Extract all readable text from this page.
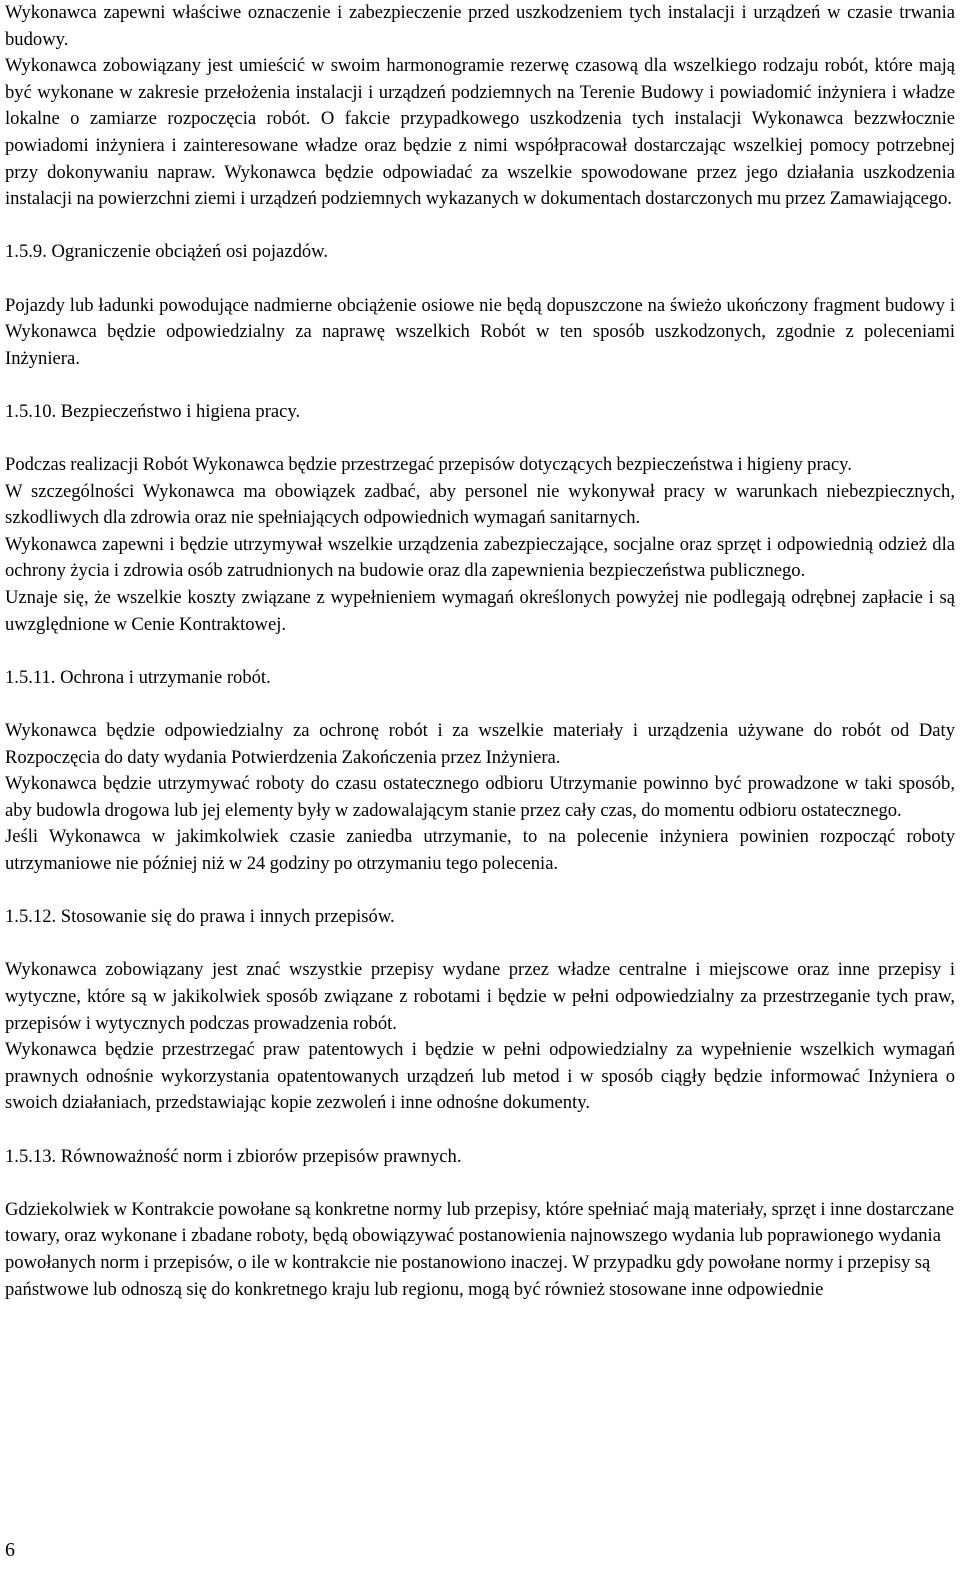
Wykonawca zapewni właściwe oznaczenie i zabezpieczenie przed uszkodzeniem tych instalacji i urządzeń w czasie trwania budowy.

Wykonawca zobowiązany jest umieścić w swoim harmonogramie rezerwę czasową dla wszelkiego rodzaju robót, które mają być wykonane w zakresie przełożenia instalacji i urządzeń podziemnych na Terenie Budowy i powiadomić inżyniera i władze lokalne o zamiarze rozpoczęcia robót. O fakcie przypadkowego uszkodzenia tych instalacji Wykonawca bezzwłocznie powiadomi inżyniera i zainteresowane władze oraz będzie z nimi współpracował dostarczając wszelkiej pomocy potrzebnej przy dokonywaniu napraw. Wykonawca będzie odpowiadać za wszelkie spowodowane przez jego działania uszkodzenia instalacji na powierzchni ziemi i urządzeń podziemnych wykazanych w dokumentach dostarczonych mu przez Zamawiającego.

1.5.9. Ograniczenie obciążeń osi pojazdów.

Pojazdy lub ładunki powodujące nadmierne obciążenie osiowe nie będą dopuszczone na świeżo ukończony fragment budowy i Wykonawca będzie odpowiedzialny za naprawę wszelkich Robót w ten sposób uszkodzonych, zgodnie z poleceniami Inżyniera.

1.5.10. Bezpieczeństwo i higiena pracy.

Podczas realizacji Robót Wykonawca będzie przestrzegać przepisów dotyczących bezpieczeństwa i higieny pracy.

W szczególności Wykonawca ma obowiązek zadbać, aby personel nie wykonywał pracy w warunkach niebezpiecznych, szkodliwych dla zdrowia oraz nie spełniających odpowiednich wymagań sanitarnych.

Wykonawca zapewni i będzie utrzymywał wszelkie urządzenia zabezpieczające, socjalne oraz sprzęt i odpowiednią odzież dla ochrony życia i zdrowia osób zatrudnionych na budowie oraz dla zapewnienia bezpieczeństwa publicznego.

Uznaje się, że wszelkie koszty związane z wypełnieniem wymagań określonych powyżej nie podlegają odrębnej zapłacie i są uwzględnione w Cenie Kontraktowej.

1.5.11. Ochrona i utrzymanie robót.

Wykonawca będzie odpowiedzialny za ochronę robót i za wszelkie materiały i urządzenia używane do robót od Daty Rozpoczęcia do daty wydania Potwierdzenia Zakończenia przez Inżyniera.

Wykonawca będzie utrzymywać roboty do czasu ostatecznego odbioru Utrzymanie powinno być prowadzone w taki sposób, aby budowla drogowa lub jej elementy były w zadowalającym stanie przez cały czas, do momentu odbioru ostatecznego.

Jeśli Wykonawca w jakimkolwiek czasie zaniedba utrzymanie, to na polecenie inżyniera powinien rozpocząć roboty utrzymaniowe nie później niż w 24 godziny po otrzymaniu tego polecenia.

1.5.12. Stosowanie się do prawa i innych przepisów.

Wykonawca zobowiązany jest znać wszystkie przepisy wydane przez władze centralne i miejscowe oraz inne przepisy i wytyczne, które są w jakikolwiek sposób związane z robotami i będzie w pełni odpowiedzialny za przestrzeganie tych praw, przepisów i wytycznych podczas prowadzenia robót.

Wykonawca będzie przestrzegać praw patentowych i będzie w pełni odpowiedzialny za wypełnienie wszelkich wymagań prawnych odnośnie wykorzystania opatentowanych urządzeń lub metod i w sposób ciągły będzie informować Inżyniera o swoich działaniach, przedstawiając kopie zezwoleń i inne odnośne dokumenty.

1.5.13. Równoważność norm i zbiorów przepisów prawnych.

Gdziekolwiek w Kontrakcie powołane są konkretne normy lub przepisy, które spełniać mają materiały, sprzęt i inne dostarczane towary, oraz wykonane i zbadane roboty, będą obowiązywać postanowienia najnowszego wydania lub poprawionego wydania powołanych norm i przepisów, o ile w kontrakcie nie postanowiono inaczej. W przypadku gdy powołane normy i przepisy są państwowe lub odnoszą się do konkretnego kraju lub regionu, mogą być również stosowane inne odpowiednie

6
